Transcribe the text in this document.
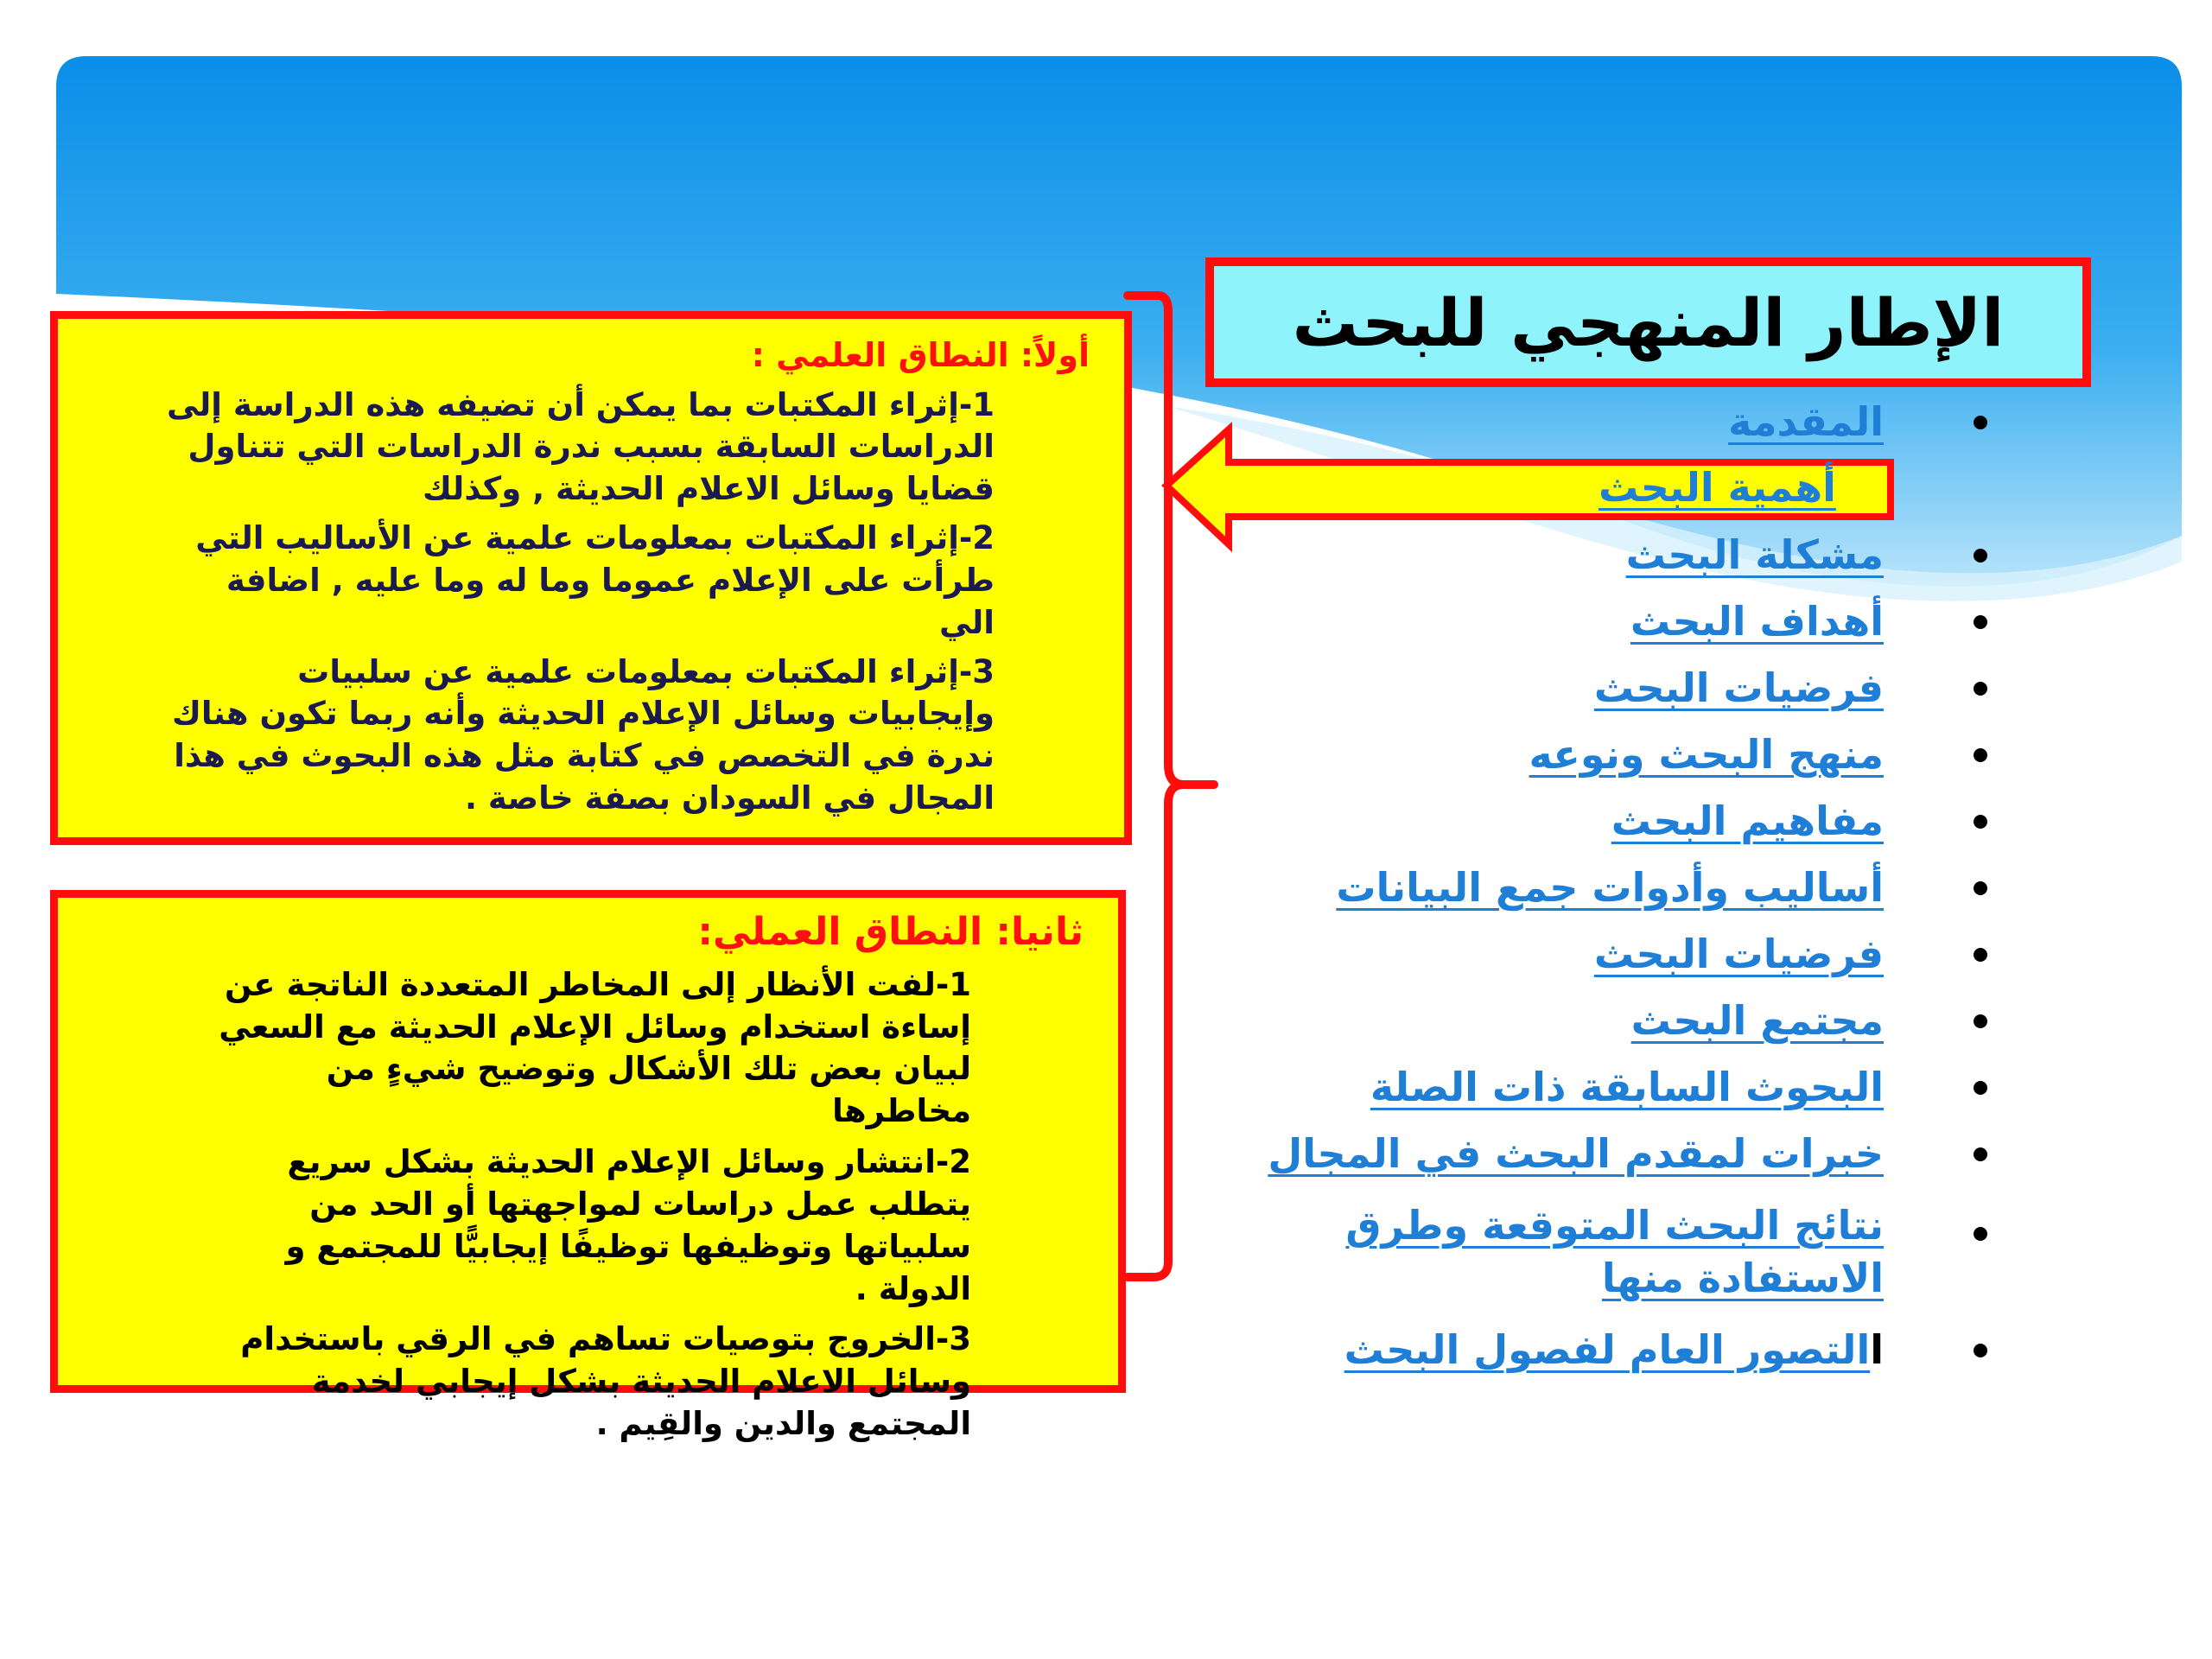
الإطار المنهجي للبحث
المقدمة
مشكلة البحث
أهداف البحث
فرضيات البحث
منهج البحث ونوعه
مفاهيم البحث
أساليب وأدوات جمع البيانات
فرضيات البحث
مجتمع البحث
البحوث السابقة ذات الصلة
خبرات لمقدم البحث في المجال
نتائج البحث المتوقعة وطرق الاستفادة منها
ا التصور العام لفصول البحث
أهمية البحث
أولاً: النطاق العلمي :
1-إثراء المكتبات بما يمكن أن تضيفه هذه الدراسة إلى الدراسات السابقة بسبب ندرة الدراسات التي تتناول قضايا وسائل الاعلام الحديثة , وكذلك
2-إثراء المكتبات بمعلومات علمية عن الأساليب التي طرأت على الإعلام عموما وما له وما عليه , اضافة الي
3-إثراء المكتبات بمعلومات علمية عن سلبيات وإيجابيات وسائل الإعلام الحديثة وأنه ربما تكون هناك ندرة في التخصص في كتابة مثل هذه البحوث في هذا المجال في السودان بصفة خاصة .
ثانيا: النطاق العملي:
1-لفت الأنظار إلى المخاطر المتعددة الناتجة عن إساءة استخدام وسائل الإعلام الحديثة مع السعي لبيان بعض تلك الأشكال وتوضيح شيءٍ من مخاطرها
2-انتشار وسائل الإعلام الحديثة بشكل سريع يتطلب عمل دراسات لمواجهتها أو الحد من سلبياتها وتوظيفها توظيفًا إيجابيًّا للمجتمع و الدولة .
3-الخروج بتوصيات تساهم في الرقي باستخدام وسائل الاعلام الحديثة بشكل إيجابي لخدمة المجتمع والدين والقِيم .
